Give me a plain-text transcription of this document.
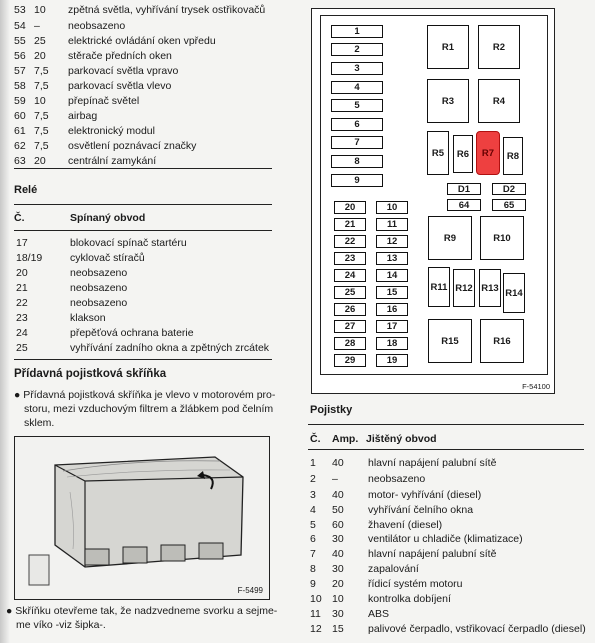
53 10 zpětná světla, vyhřívání trysek ostřikovačů
54 –	neobsazeno
55 25 elektrické ovládání oken vpředu
56 20 stěrače předních oken
57 7,5 parkovací světla vpravo
58 7,5 parkovací světla vlevo
59 10 přepínač světel
60 7,5 airbag
61 7,5 elektronický modul
62 7,5 osvětlení poznávací značky
63 20 centrální zamykání
Relé
Č.	Spínaný obvod
17	blokovací spínač startéru
18/19	cyklovač stíračů
20	neobsazeno
21	neobsazeno
22	neobsazeno
23	klakson
24	přepěťová ochrana baterie
25	vyhřívání zadního okna a zpětných zrcátek
Přídavná pojistková skříňka
● Přídavná pojistková skříňka je vlevo v motorovém pro-
storu, mezi vzduchovým filtrem a žlábkem pod čelním
sklem.
F-5499
● Skříňku otevřeme tak, že nadzvedneme svorku a sejme-
me víko -viz šipka-.
1
2
3
4
5
6
7
8
9
20
21
22
23
24
25
26
27
28
29
10
11
12
13
14
15
16
17
18
19
R1	R2
R3	R4
R5	R6	R7	R8
D1	D2
64	65
R9	R10
R11 R12 R13 R14
R15	R16
F-54100
Pojistky
Č. Amp. Jištěný obvod
1 40 hlavní napájení palubní sítě
2 –	neobsazeno
3 40 motor- vyhřívání (diesel)
4 50 vyhřívání čelního okna
5 60 žhavení (diesel)
6 30 ventilátor u chladiče (klimatizace)
7 40 hlavní napájení palubní sítě
8 30 zapalování
9 20 řídicí systém motoru
10 10 kontrolka dobíjení
11 30 ABS
12 15 palivové čerpadlo, vstřikovací čerpadlo (diesel)
